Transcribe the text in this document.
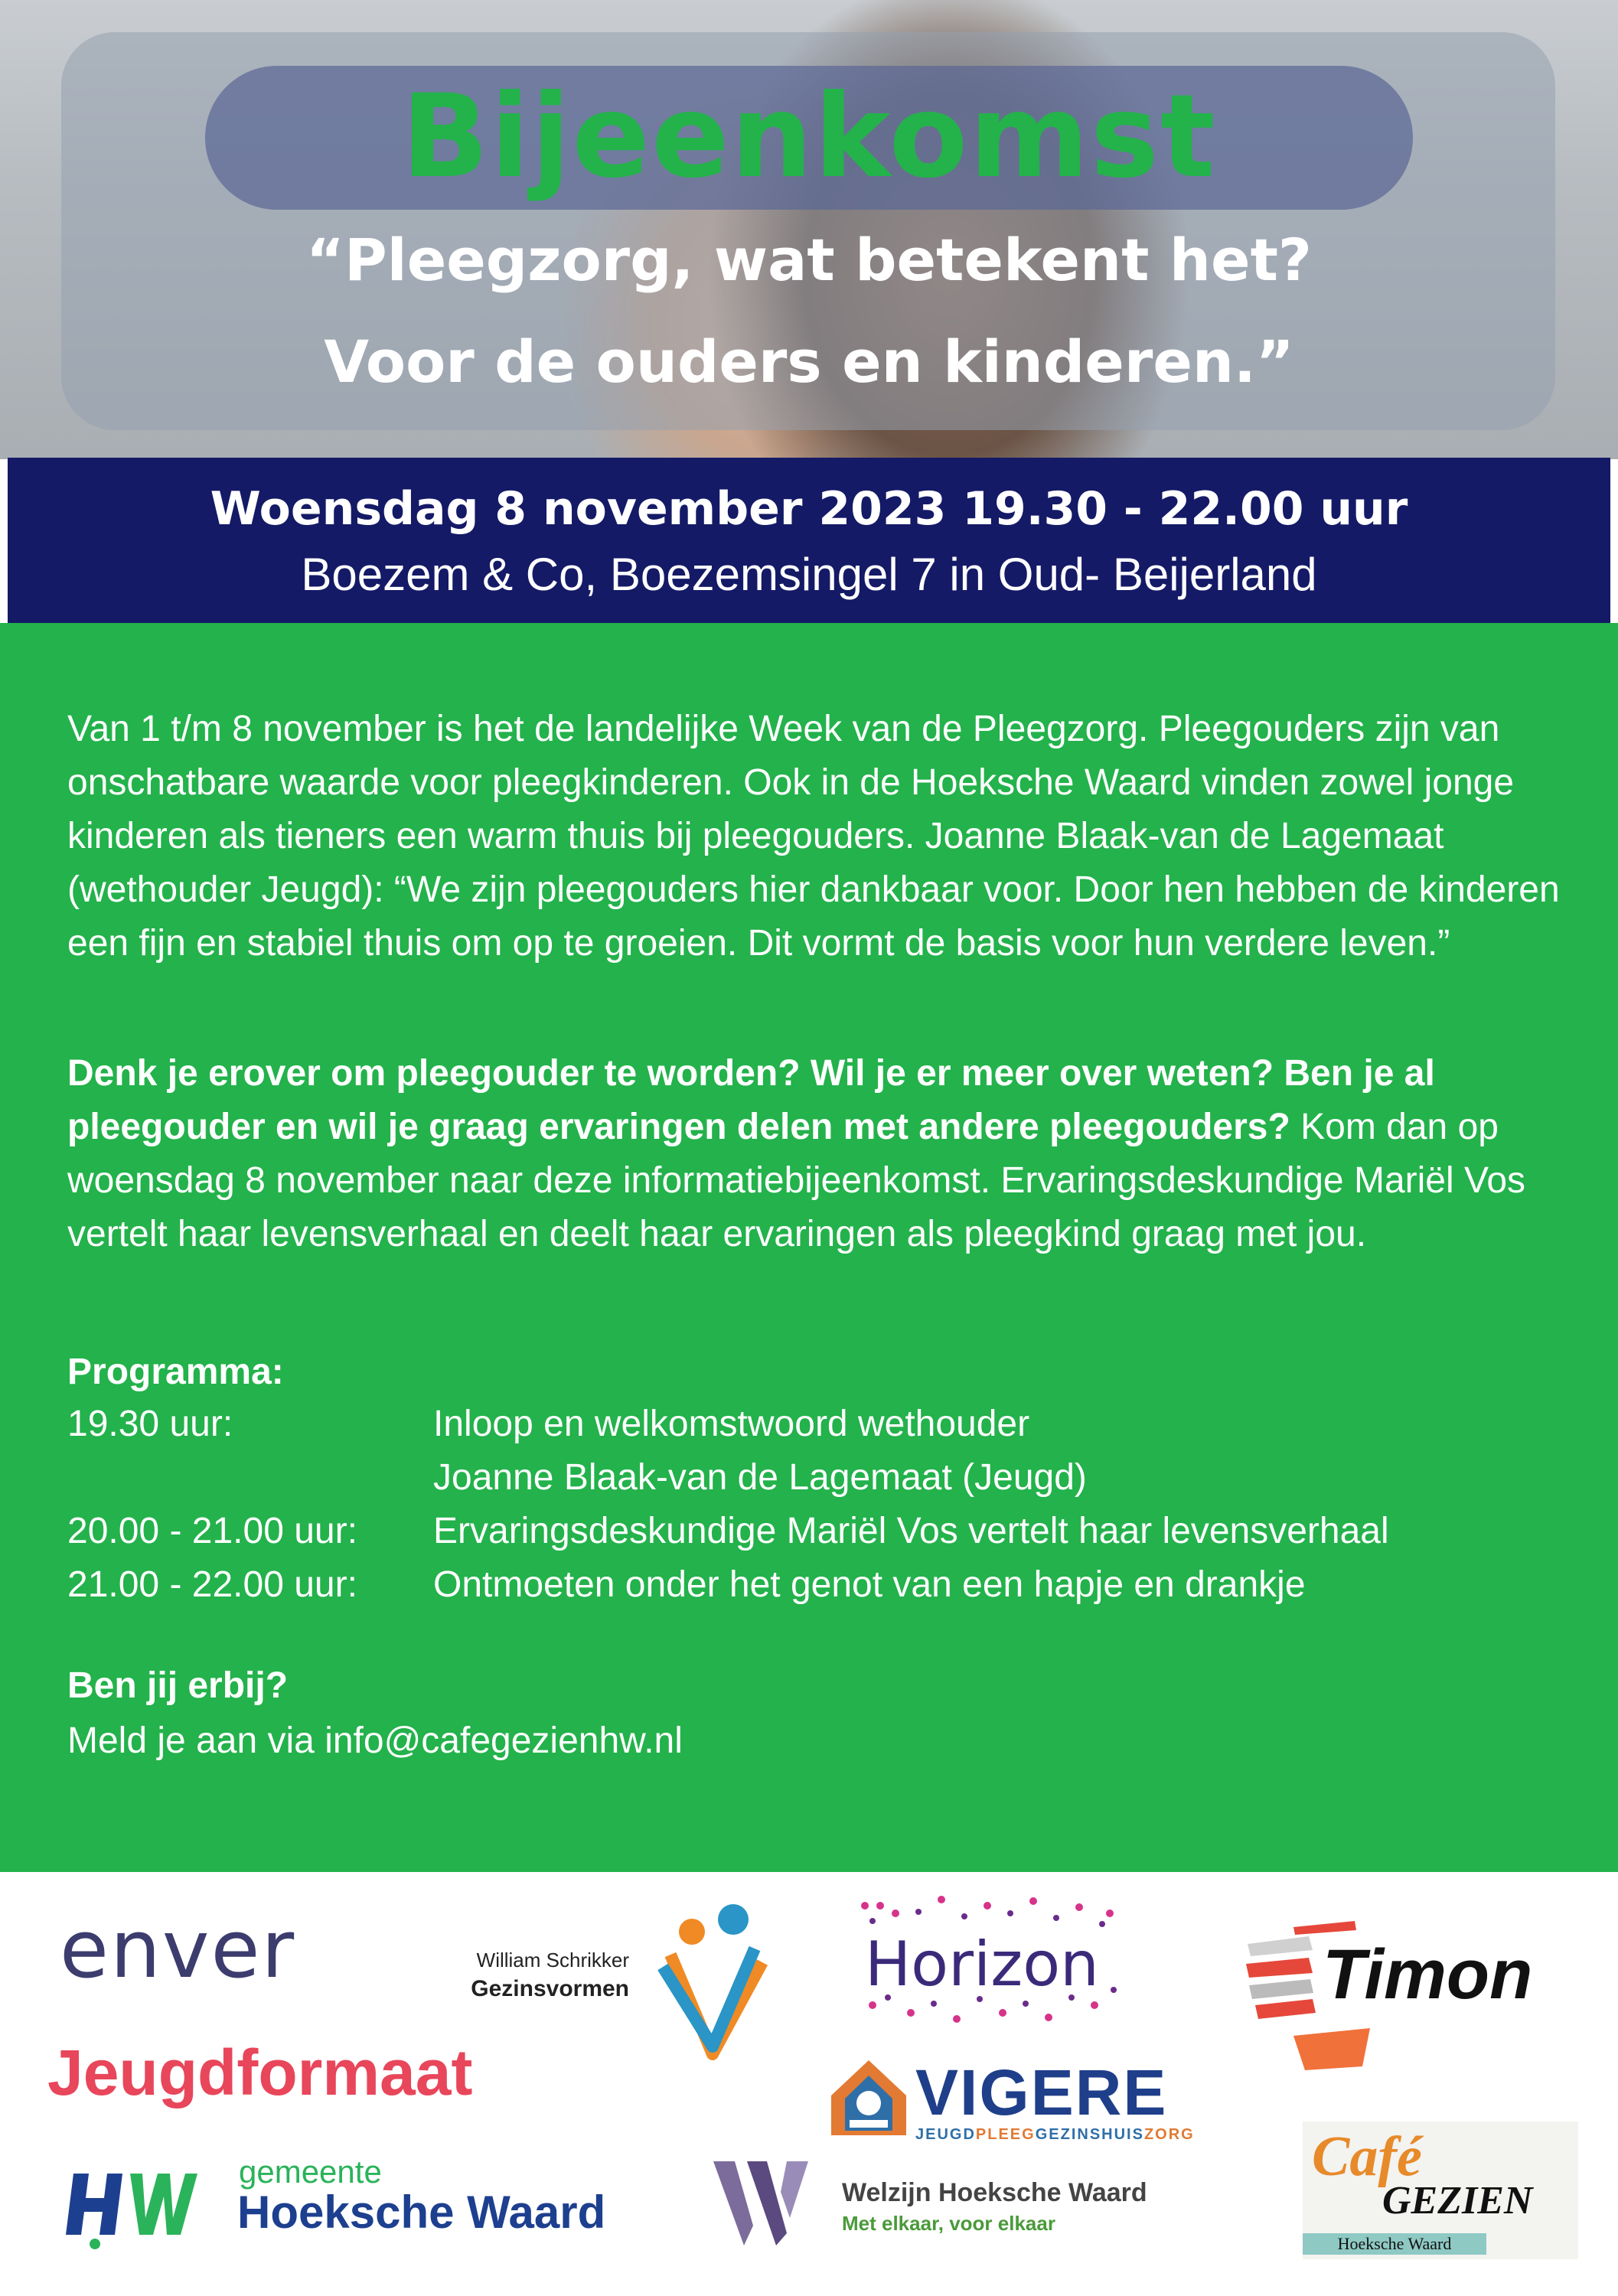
Bijeenkomst
“Pleegzorg, wat betekent het?
Voor de ouders en kinderen.”
Woensdag 8 november 2023 19.30 - 22.00 uur
Boezem & Co, Boezemsingel 7 in Oud- Beijerland
Van 1 t/m 8 november is het de landelijke Week van de Pleegzorg. Pleegouders zijn van onschatbare waarde voor pleegkinderen. Ook in de Hoeksche Waard vinden zowel jonge kinderen als tieners een warm thuis bij pleegouders. Joanne Blaak-van de Lagemaat (wethouder Jeugd): “We zijn pleegouders hier dankbaar voor. Door hen hebben de kinderen een fijn en stabiel thuis om op te groeien. Dit vormt de basis voor hun verdere leven.”
Denk je erover om pleegouder te worden? Wil je er meer over weten? Ben je al pleegouder en wil je graag ervaringen delen met andere pleegouders? Kom dan op woensdag 8 november naar deze informatiebijeenkomst. Ervaringsdeskundige Mariël Vos vertelt haar levensverhaal en deelt haar ervaringen als pleegkind graag met jou.
Programma:
19.30 uur:	Inloop en welkomstwoord wethouder
Joanne Blaak-van de Lagemaat (Jeugd)
20.00 - 21.00 uur: Ervaringsdeskundige Mariël Vos vertelt haar levensverhaal
21.00 - 22.00 uur: Ontmoeten onder het genot van een hapje en drankje
Ben jij erbij?
Meld je aan via info@cafegezienhw.nl
enver	William Schrikker
Gezinsvormen	Horizon	Timon
Jeugdformaat	VIGERE
JEUGDPLEEGGEZINSHUISZORG
gemeente
Hoeksche Waard	Welzijn Hoeksche Waard
Met elkaar, voor elkaar
Café
GEZIEN
Hoeksche Waard
